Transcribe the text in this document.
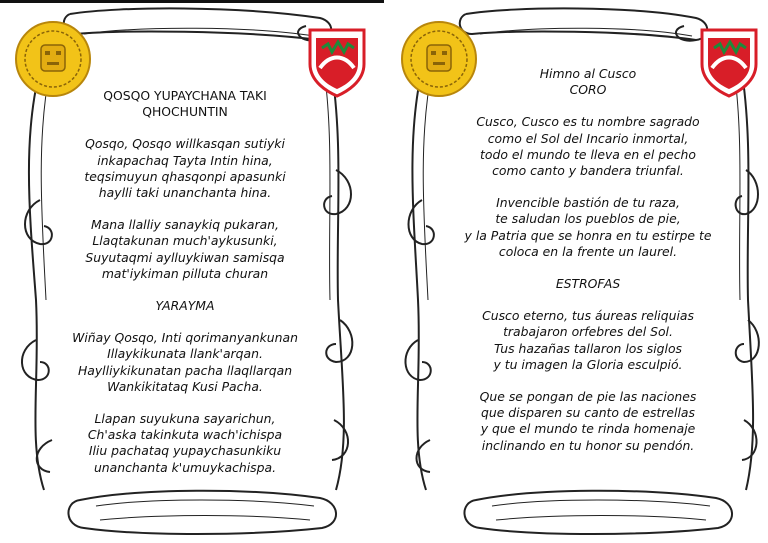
QOSQO YUPAYCHANA TAKI
QHOCHUNTIN
Qosqo, Qosqo willkasqan sutiyki
inkapachaq Tayta Intin hina,
teqsimuyun qhasqonpi apasunki
haylli taki unanchanta hina.
Mana llalliy sanaykiq pukaran,
Llaqtakunan much'aykusunki,
Suyutaqmi aylluykiwan samisqa
mat'iykiman pilluta churan
YARAYMA
Wiñay Qosqo, Inti qorimanyankunan
Illaykikunata llank'arqan.
Haylliykikunatan pacha llaqllarqan
Wankikitataq Kusi Pacha.
Llapan suyukuna sayarichun,
Ch'aska takinkuta wach'ichispa
Iliu pachataq yupaychasunkiku
unanchanta k'umuykachispa.
Himno al Cusco
CORO
Cusco, Cusco es tu nombre sagrado
como el Sol del Incario inmortal,
todo el mundo te lleva en el pecho
como canto y bandera triunfal.
Invencible bastión de tu raza,
te saludan los pueblos de pie,
y la Patria que se honra en tu estirpe te
coloca en la frente un laurel.
ESTROFAS
Cusco eterno, tus áureas reliquias
trabajaron orfebres del Sol.
Tus hazañas tallaron los siglos
y tu imagen la Gloria esculpió.
Que se pongan de pie las naciones
que disparen su canto de estrellas
y que el mundo te rinda homenaje
inclinando en tu honor su pendón.
